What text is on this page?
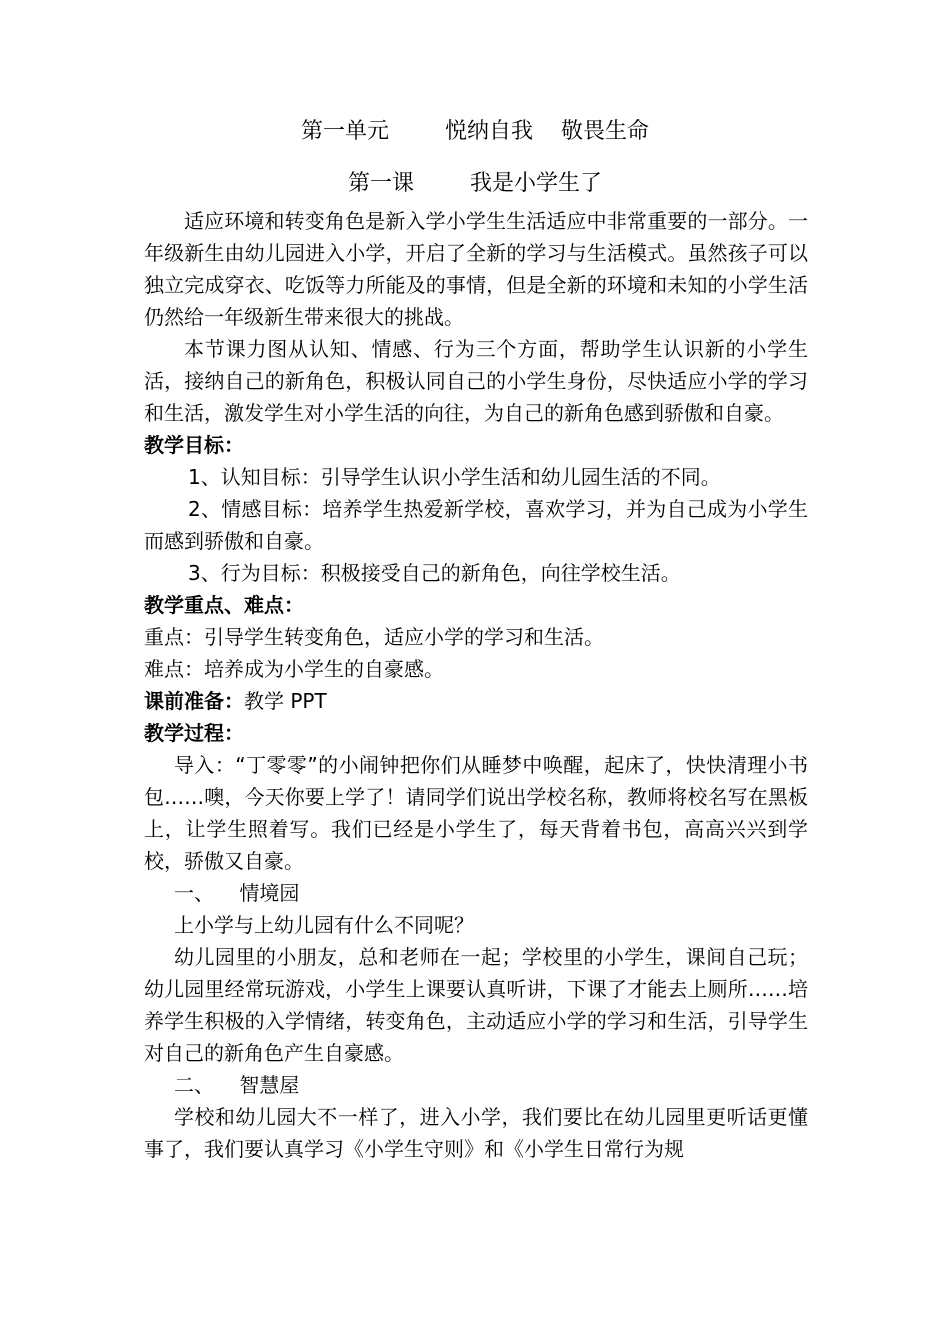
第一单元        悦纳自我    敬畏生命
第一课        我是小学生了

适应环境和转变角色是新入学小学生生活适应中非常重要的一部分。一年级新生由幼儿园进入小学，开启了全新的学习与生活模式。虽然孩子可以独立完成穿衣、吃饭等力所能及的事情，但是全新的环境和未知的小学生活仍然给一年级新生带来很大的挑战。

本节课力图从认知、情感、行为三个方面，帮助学生认识新的小学生活，接纳自己的新角色，积极认同自己的小学生身份，尽快适应小学的学习和生活，激发学生对小学生活的向往，为自己的新角色感到骄傲和自豪。

教学目标：

1、认知目标：引导学生认识小学生活和幼儿园生活的不同。

2、情感目标：培养学生热爱新学校，喜欢学习，并为自己成为小学生而感到骄傲和自豪。

3、行为目标：积极接受自己的新角色，向往学校生活。

教学重点、难点：

重点：引导学生转变角色，适应小学的学习和生活。

难点：培养成为小学生的自豪感。

课前准备：教学 PPT

教学过程：

导入：“丁零零”的小闹钟把你们从睡梦中唤醒，起床了，快快清理小书包……噢，今天你要上学了！请同学们说出学校名称，教师将校名写在黑板上，让学生照着写。我们已经是小学生了，每天背着书包，高高兴兴到学校，骄傲又自豪。

一、    情境园

上小学与上幼儿园有什么不同呢？

幼儿园里的小朋友，总和老师在一起；学校里的小学生，课间自己玩；幼儿园里经常玩游戏，小学生上课要认真听讲，下课了才能去上厕所……培养学生积极的入学情绪，转变角色，主动适应小学的学习和生活，引导学生对自己的新角色产生自豪感。

二、    智慧屋

学校和幼儿园大不一样了，进入小学，我们要比在幼儿园里更听话更懂事了，我们要认真学习《小学生守则》和《小学生日常行为规
